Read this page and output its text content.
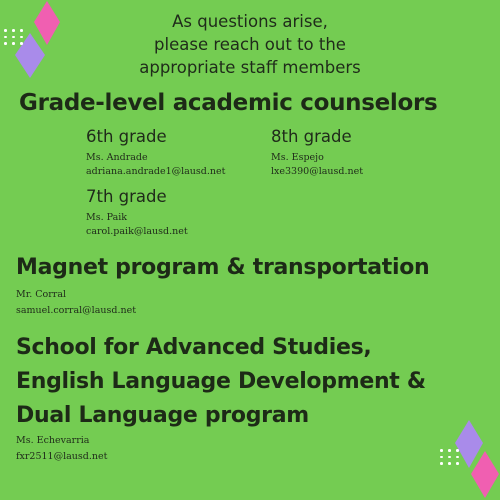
As questions arise,
please reach out to the
appropriate staff members
Grade-level academic counselors
6th grade
Ms. Andrade
adriana.andrade1@lausd.net
8th grade
Ms. Espejo
lxe3390@lausd.net
7th grade
Ms. Paik
carol.paik@lausd.net
Magnet program & transportation
Mr. Corral
samuel.corral@lausd.net
School for Advanced Studies,
English Language Development &
Dual Language program
Ms. Echevarria
fxr2511@lausd.net
